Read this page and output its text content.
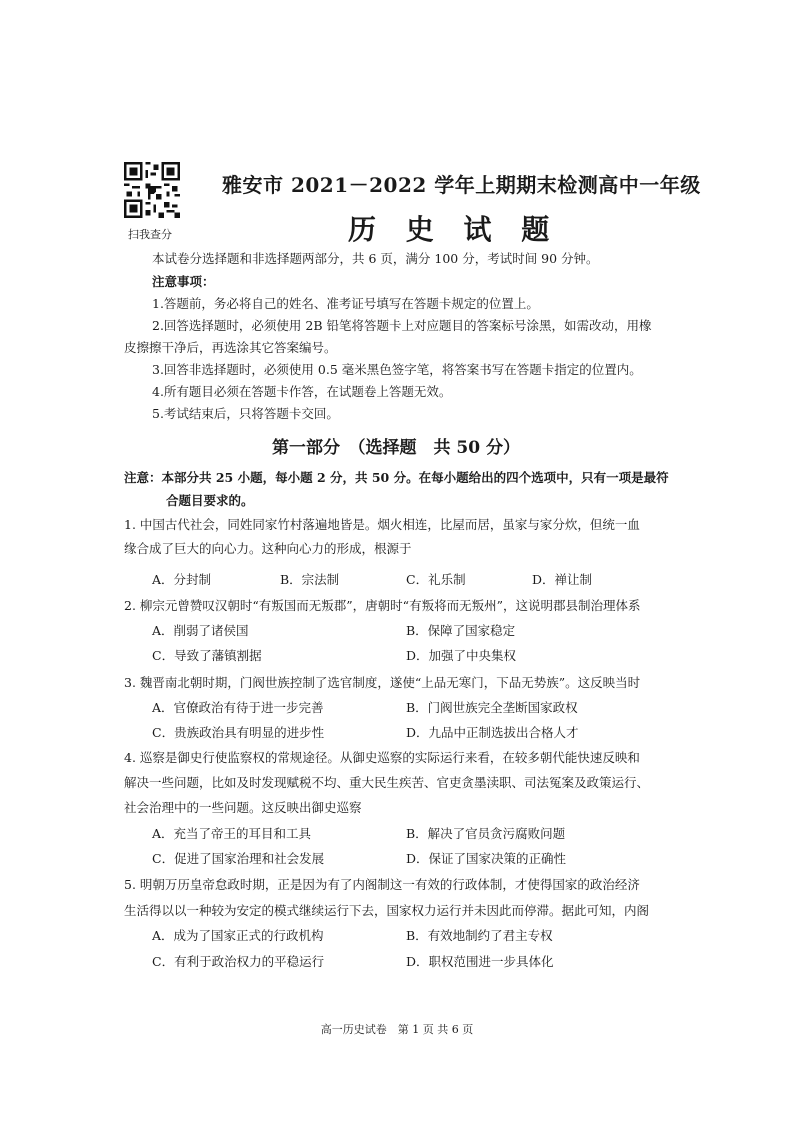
扫我查分
雅安市 2021－2022 学年上期期末检测高中一年级
历 史 试 题
本试卷分选择题和非选择题两部分，共 6 页，满分 100 分，考试时间 90 分钟。
注意事项：
1.答题前，务必将自己的姓名、准考证号填写在答题卡规定的位置上。
2.回答选择题时，必须使用 2B 铅笔将答题卡上对应题目的答案标号涂黑，如需改动，用橡
皮擦擦干净后，再选涂其它答案编号。
3.回答非选择题时，必须使用 0.5 毫米黑色签字笔，将答案书写在答题卡指定的位置内。
4.所有题目必须在答题卡作答，在试题卷上答题无效。
5.考试结束后，只将答题卡交回。
第一部分　（选择题　共 50 分）
注意：本部分共 25 小题，每小题 2 分，共 50 分。在每小题给出的四个选项中，只有一项是最符
合题目要求的。
1. 中国古代社会，同姓同家竹村落遍地皆是。烟火相连，比屋而居，虽家与家分炊，但统一血
缘合成了巨大的向心力。这种向心力的形成，根源于
A．分封制	B．宗法制	C．礼乐制	D．禅让制
2. 柳宗元曾赞叹汉朝时“有叛国而无叛郡”，唐朝时“有叛将而无叛州”，这说明郡县制治理体系
A．削弱了诸侯国	B．保障了国家稳定
C．导致了藩镇割据	D．加强了中央集权
3. 魏晋南北朝时期，门阀世族控制了选官制度，遂使“上品无寒门，下品无势族”。这反映当时
A．官僚政治有待于进一步完善	B．门阀世族完全垄断国家政权
C．贵族政治具有明显的进步性	D．九品中正制选拔出合格人才
4. 巡察是御史行使监察权的常规途径。从御史巡察的实际运行来看，在较多朝代能快速反映和
解决一些问题，比如及时发现赋税不均、重大民生疾苦、官吏贪墨渎职、司法冤案及政策运行、
社会治理中的一些问题。这反映出御史巡察
A．充当了帝王的耳目和工具	B．解决了官员贪污腐败问题
C．促进了国家治理和社会发展	D．保证了国家决策的正确性
5. 明朝万历皇帝怠政时期，正是因为有了内阁制这一有效的行政体制，才使得国家的政治经济
生活得以以一种较为安定的模式继续运行下去，国家权力运行并未因此而停滞。据此可知，内阁
A．成为了国家正式的行政机构	B．有效地制约了君主专权
C．有利于政治权力的平稳运行	D．职权范围进一步具体化
高一历史试卷　第 1 页 共 6 页
